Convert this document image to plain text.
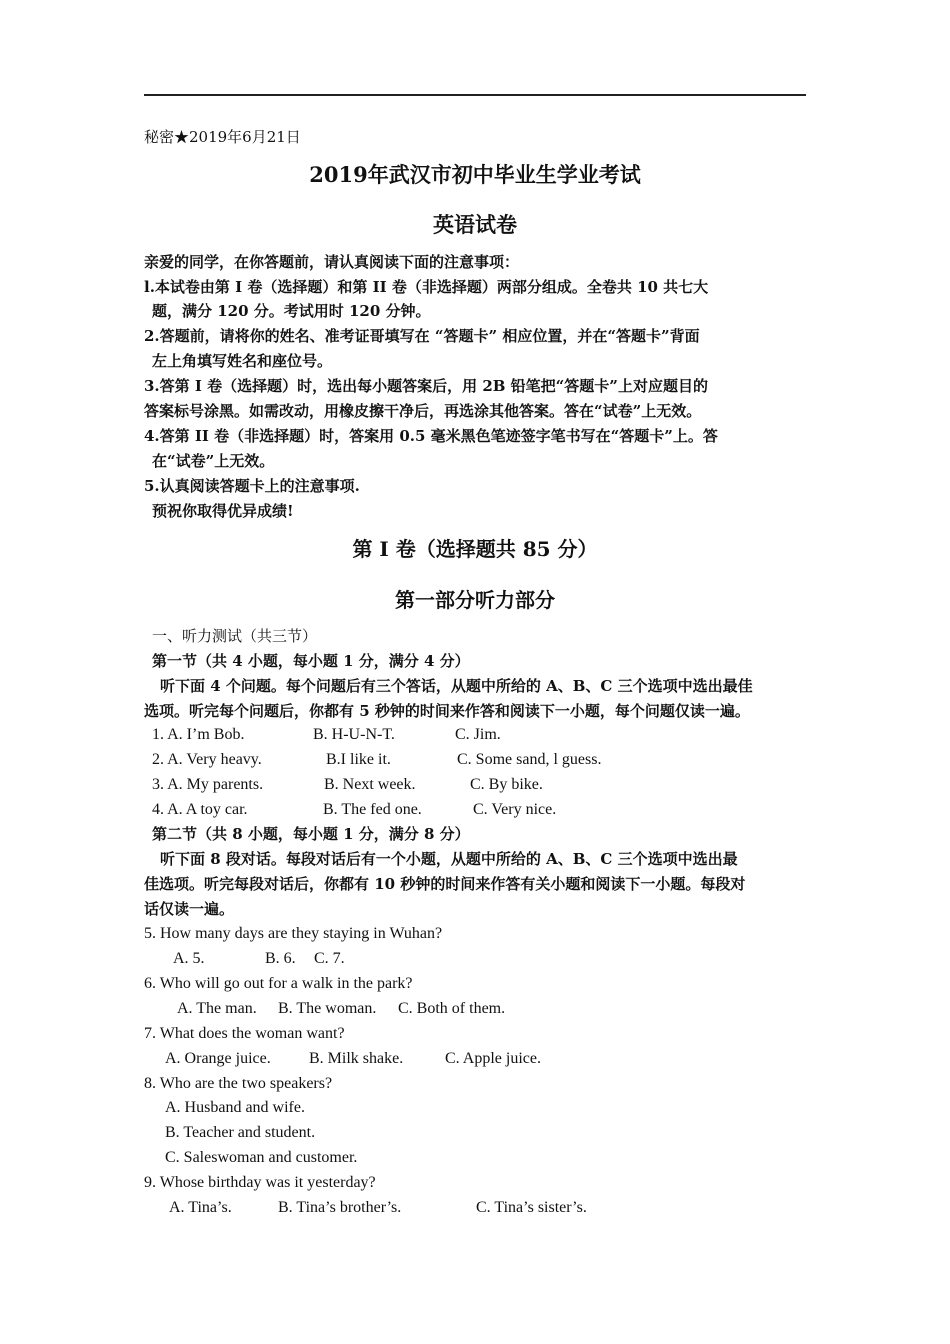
秘密★2019年6月21日
2019年武汉市初中毕业生学业考试
英语试卷
亲爱的同学，在你答题前，请认真阅读下面的注意事项：
l.本试卷由第 I 卷（选择题）和第 II 卷（非选择题）两部分组成。全卷共 10 共七大
题，满分 120 分。考试用时 120 分钟。
2.答题前，请将你的姓名、准考证哥填写在 “答题卡” 相应位置，并在“答题卡”背面
左上角填写姓名和座位号。
3.答第 I 卷（选择题）时，选出每小题答案后，用 2B 铅笔把“答题卡”上对应题目的
答案标号涂黑。如需改动，用橡皮擦干净后，再选涂其他答案。答在“试卷”上无效。
4.答第 II 卷（非选择题）时，答案用 0.5 毫米黑色笔迹签字笔书写在“答题卡”上。答
在“试卷”上无效。
5.认真阅读答题卡上的注意事项.
预祝你取得优异成绩!
第 I 卷（选择题共 85 分）
第一部分听力部分
一、听力测试（共三节）
第一节（共 4 小题，每小题 1 分，满分 4 分）
听下面 4 个问题。每个问题后有三个答话，从题中所给的 A、B、C 三个选项中选出最佳
选项。听完每个问题后，你都有 5 秒钟的时间来作答和阅读下一小题，每个问题仅读一遍。
1. A. I’m Bob.	B. H-U-N-T.	C. Jim.
2. A. Very heavy.	B.I like it.	C. Some sand, l guess.
3. A. My parents.	B. Next week.	C. By bike.
4. A. A toy car.	B. The fed one.	C. Very nice.
第二节（共 8 小题，每小题 1 分，满分 8 分）
听下面 8 段对话。每段对话后有一个小题，从题中所给的 A、B、C 三个选项中选出最
佳选项。听完每段对话后，你都有 10 秒钟的时间来作答有关小题和阅读下一小题。每段对
话仅读一遍。
5. How many days are they staying in Wuhan?
A. 5.	B. 6. C. 7.
6. Who will go out for a walk in the park?
A. The man. B. The woman. C. Both of them.
7. What does the woman want?
A. Orange juice. B. Milk shake.	C. Apple juice.
8. Who are the two speakers?
A. Husband and wife.
B. Teacher and student.
C. Saleswoman and customer.
9. Whose birthday was it yesterday?
A. Tina’s.	B. Tina’s brother’s.	C. Tina’s sister’s.
